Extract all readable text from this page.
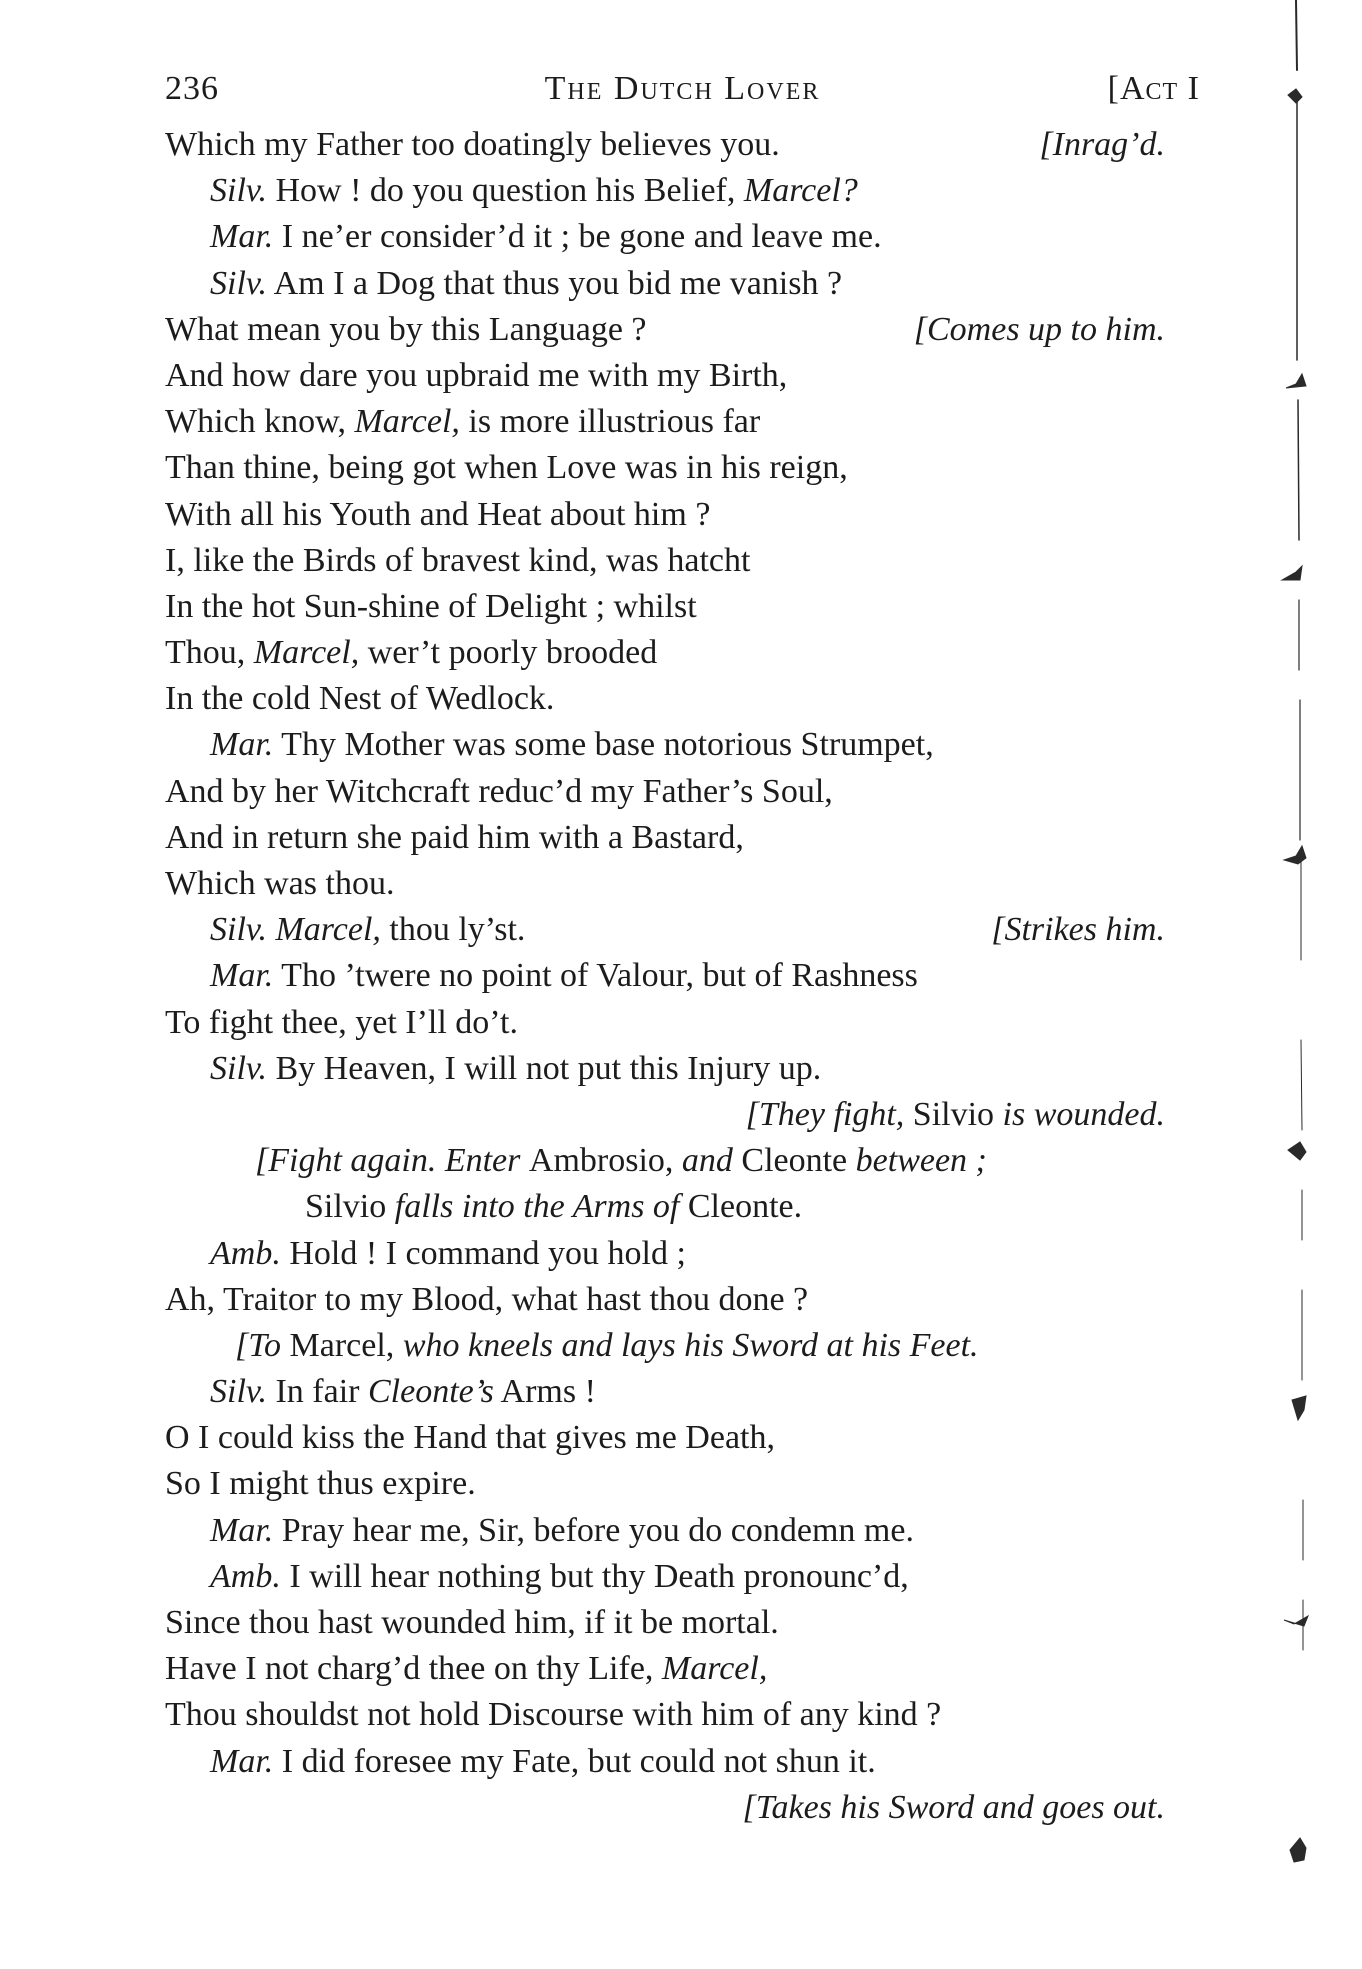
236	The Dutch Lover	[Act I
Which my Father too doatingly believes you.	[Inrag’d.
Silv. How ! do you question his Belief, Marcel?
Mar. I ne’er consider’d it ; be gone and leave me.
Silv. Am I a Dog that thus you bid me vanish ?
What mean you by this Language ?	[Comes up to him.
And how dare you upbraid me with my Birth,
Which know, Marcel, is more illustrious far
Than thine, being got when Love was in his reign,
With all his Youth and Heat about him ?
I, like the Birds of bravest kind, was hatcht
In the hot Sun-shine of Delight ; whilst
Thou, Marcel, wer’t poorly brooded
In the cold Nest of Wedlock.
Mar. Thy Mother was some base notorious Strumpet,
And by her Witchcraft reduc’d my Father’s Soul,
And in return she paid him with a Bastard,
Which was thou.
Silv. Marcel, thou ly’st.	[Strikes him.
Mar. Tho ’twere no point of Valour, but of Rashness
To fight thee, yet I’ll do’t.
Silv. By Heaven, I will not put this Injury up.
[They fight, Silvio is wounded.
[Fight again. Enter Ambrosio, and Cleonte between ;
Silvio falls into the Arms of Cleonte.
Amb. Hold ! I command you hold ;
Ah, Traitor to my Blood, what hast thou done ?
[To Marcel, who kneels and lays his Sword at his Feet.
Silv. In fair Cleonte’s Arms !
O I could kiss the Hand that gives me Death,
So I might thus expire.
Mar. Pray hear me, Sir, before you do condemn me.
Amb. I will hear nothing but thy Death pronounc’d,
Since thou hast wounded him, if it be mortal.
Have I not charg’d thee on thy Life, Marcel,
Thou shouldst not hold Discourse with him of any kind ?
Mar. I did foresee my Fate, but could not shun it.
[Takes his Sword and goes out.
